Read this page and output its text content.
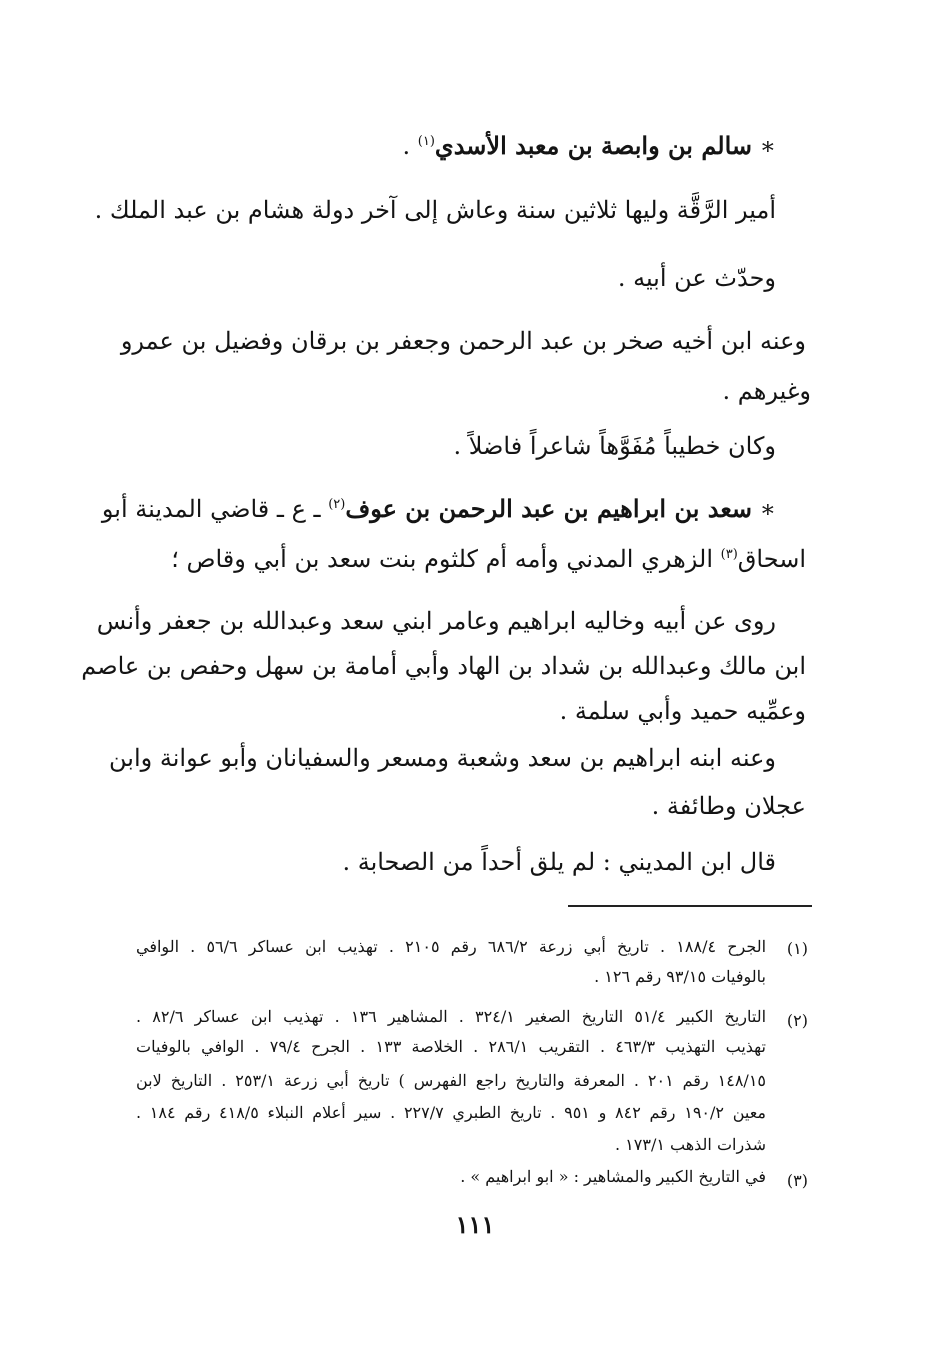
∗ سالم بن وابصة بن معبد الأسدي$^{(١)}$ .
أمير الرَّقَّة وليها ثلاثين سنة وعاش إلى آخر دولة هشام بن عبد الملك .
وحدّث عن أبيه .
وعنه ابن أخيه صخر بن عبد الرحمن وجعفر بن برقان وفضيل بن عمرو
وغيرهم .
وكان خطيباً مُفَوَّهاً شاعراً فاضلاً .
∗ سعد بن ابراهيم بن عبد الرحمن بن عوف$^{(٢)}$ ـ ع ـ قاضي المدينة أبو
اسحاق$^{(٣)}$ الزهري المدني وأمه أم كلثوم بنت سعد بن أبي وقاص ؛
روى عن أبيه وخاليه ابراهيم وعامر ابني سعد وعبدالله بن جعفر وأنس
ابن مالك وعبدالله بن شداد بن الهاد وأبي أمامة بن سهل وحفص بن عاصم
وعمِّيه حميد وأبي سلمة .
وعنه ابنه ابراهيم بن سعد وشعبة ومسعر والسفيانان وأبو عوانة وابن
عجلان وطائفة .
قال ابن المديني : لم يلق أحداً من الصحابة .
(١)
الجرح ١٨٨/٤ . تاريخ أبي زرعة ٦٨٦/٢ رقم ٢١٠٥ . تهذيب ابن عساكر ٥٦/٦ . الوافي
بالوفيات ٩٣/١٥ رقم ١٢٦ .
(٢)
التاريخ الكبير ٥١/٤ التاريخ الصغير ٣٢٤/١ . المشاهير ١٣٦ . تهذيب ابن عساكر ٨٢/٦ .
تهذيب التهذيب ٤٦٣/٣ . التقريب ٢٨٦/١ . الخلاصة ١٣٣ . الجرح ٧٩/٤ . الوافي بالوفيات
١٤٨/١٥ رقم ٢٠١ . المعرفة والتاريخ راجع الفهرس ) تاريخ أبي زرعة ٢٥٣/١ . التاريخ لابن
معين ١٩٠/٢ رقم ٨٤٢ و ٩٥١ . تاريخ الطبري ٢٢٧/٧ . سير أعلام النبلاء ٤١٨/٥ رقم ١٨٤ .
شذرات الذهب ١٧٣/١ .
(٣)
في التاريخ الكبير والمشاهير : « ابو ابراهيم » .
١١١
